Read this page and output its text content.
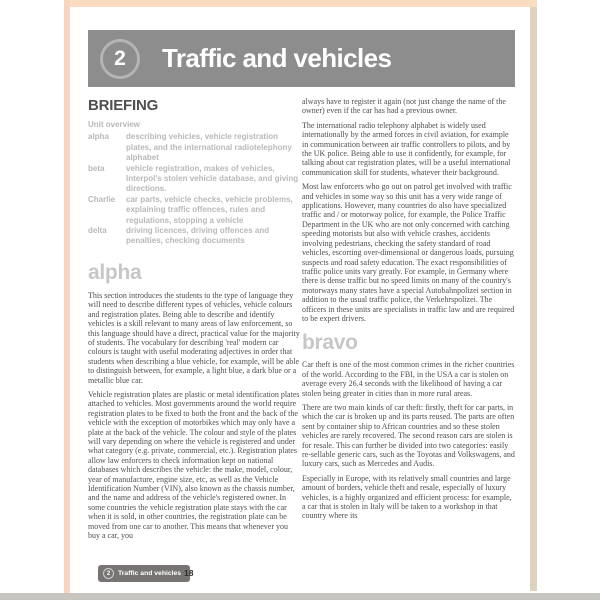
2 Traffic and vehicles
BRIEFING
Unit overview
alpha	describing vehicles, vehicle registration plates, and the international radiotelephony alphabet
beta	vehicle registration, makes of vehicles, Interpol's stolen vehicle database, and giving directions.
Charlie	car parts, vehicle checks, vehicle problems, explaining traffic offences, rules and regulations, stopping a vehicle
delta	driving licences, driving offences and penalties, checking documents
alpha

This section introduces the students to the type of language they will need to describe different types of vehicles, vehicle colours and registration plates. Being able to describe and identify vehicles is a skill relevant to many areas of law enforcement, so this language should have a direct, practical value for the majority of students. The vocabulary for describing 'real' modern car colours is taught with useful moderating adjectives in order that students when describing a blue vehicle, for example, will be able to distinguish between, for example, a light blue, a dark blue or a metallic blue car.

Vehicle registration plates are plastic or metal identification plates attached to vehicles. Most governments around the world require registration plates to be fixed to both the front and the back of the vehicle with the exception of motorbikes which may only have a plate at the back of the vehicle. The colour and style of the plates will vary depending on where the vehicle is registered and under what category (e.g. private, commercial, etc.). Registration plates allow law enforcers to check information kept on national databases which describes the vehicle: the make, model, colour, year of manufacture, engine size, etc, as well as the Vehicle Identification Number (VIN), also known as the chassis number, and the name and address of the vehicle's registered owner. In some countries the vehicle registration plate stays with the car when it is sold, in other countries, the registration plate can be moved from one car to another. This means that whenever you buy a car, you

always have to register it again (not just change the name of the owner) even if the car has had a previous owner.

The international radio telephony alphabet is widely used internationally by the armed forces in civil aviation, for example in communication between air traffic controllers to pilots, and by the UK police. Being able to use it confidently, for example, for talking about car registration plates, will be a useful international communication skill for students, whatever their background.

Most law enforcers who go out on patrol get involved with traffic and vehicles in some way so this unit has a very wide range of applications. However, many countries do also have specialized traffic and / or motorway police, for example, the Police Traffic Department in the UK who are not only concerned with catching speeding motorists but also with vehicle crashes, accidents involving pedestrians, checking the safety standard of road vehicles, escorting over-dimensional or dangerous loads, pursuing suspects and road safety education. The exact responsibilities of traffic police units vary greatly. For example, in Germany where there is dense traffic but no speed limits on many of the country's motorways many states have a special Autobahnpolizei section in addition to the usual traffic police, the Verkehrspolizei. The officers in these units are specialists in traffic law and are required to be expert drivers.

bravo

Car theft is one of the most common crimes in the richer countries of the world. According to the FBI, in the USA a car is stolen on average every 26.4 seconds with the likelihood of having a car stolen being greater in cities than in more rural areas.

There are two main kinds of car theft: firstly, theft for car parts, in which the car is broken up and its parts reused. The parts are often sent by container ship to African countries and so these stolen vehicles are rarely recovered. The second reason cars are stolen is for resale. This can further be divided into two categories: easily re-sellable generic cars, such as the Toyotas and Volkswagens, and luxury cars, such as Mercedes and Audis.

Especially in Europe, with its relatively small countries and large amount of borders, vehicle theft and resale, especially of luxury vehicles, is a highly organized and efficient process: for example, a car that is stolen in Italy will be taken to a workshop in that country where its

2 Traffic and vehicles 18
